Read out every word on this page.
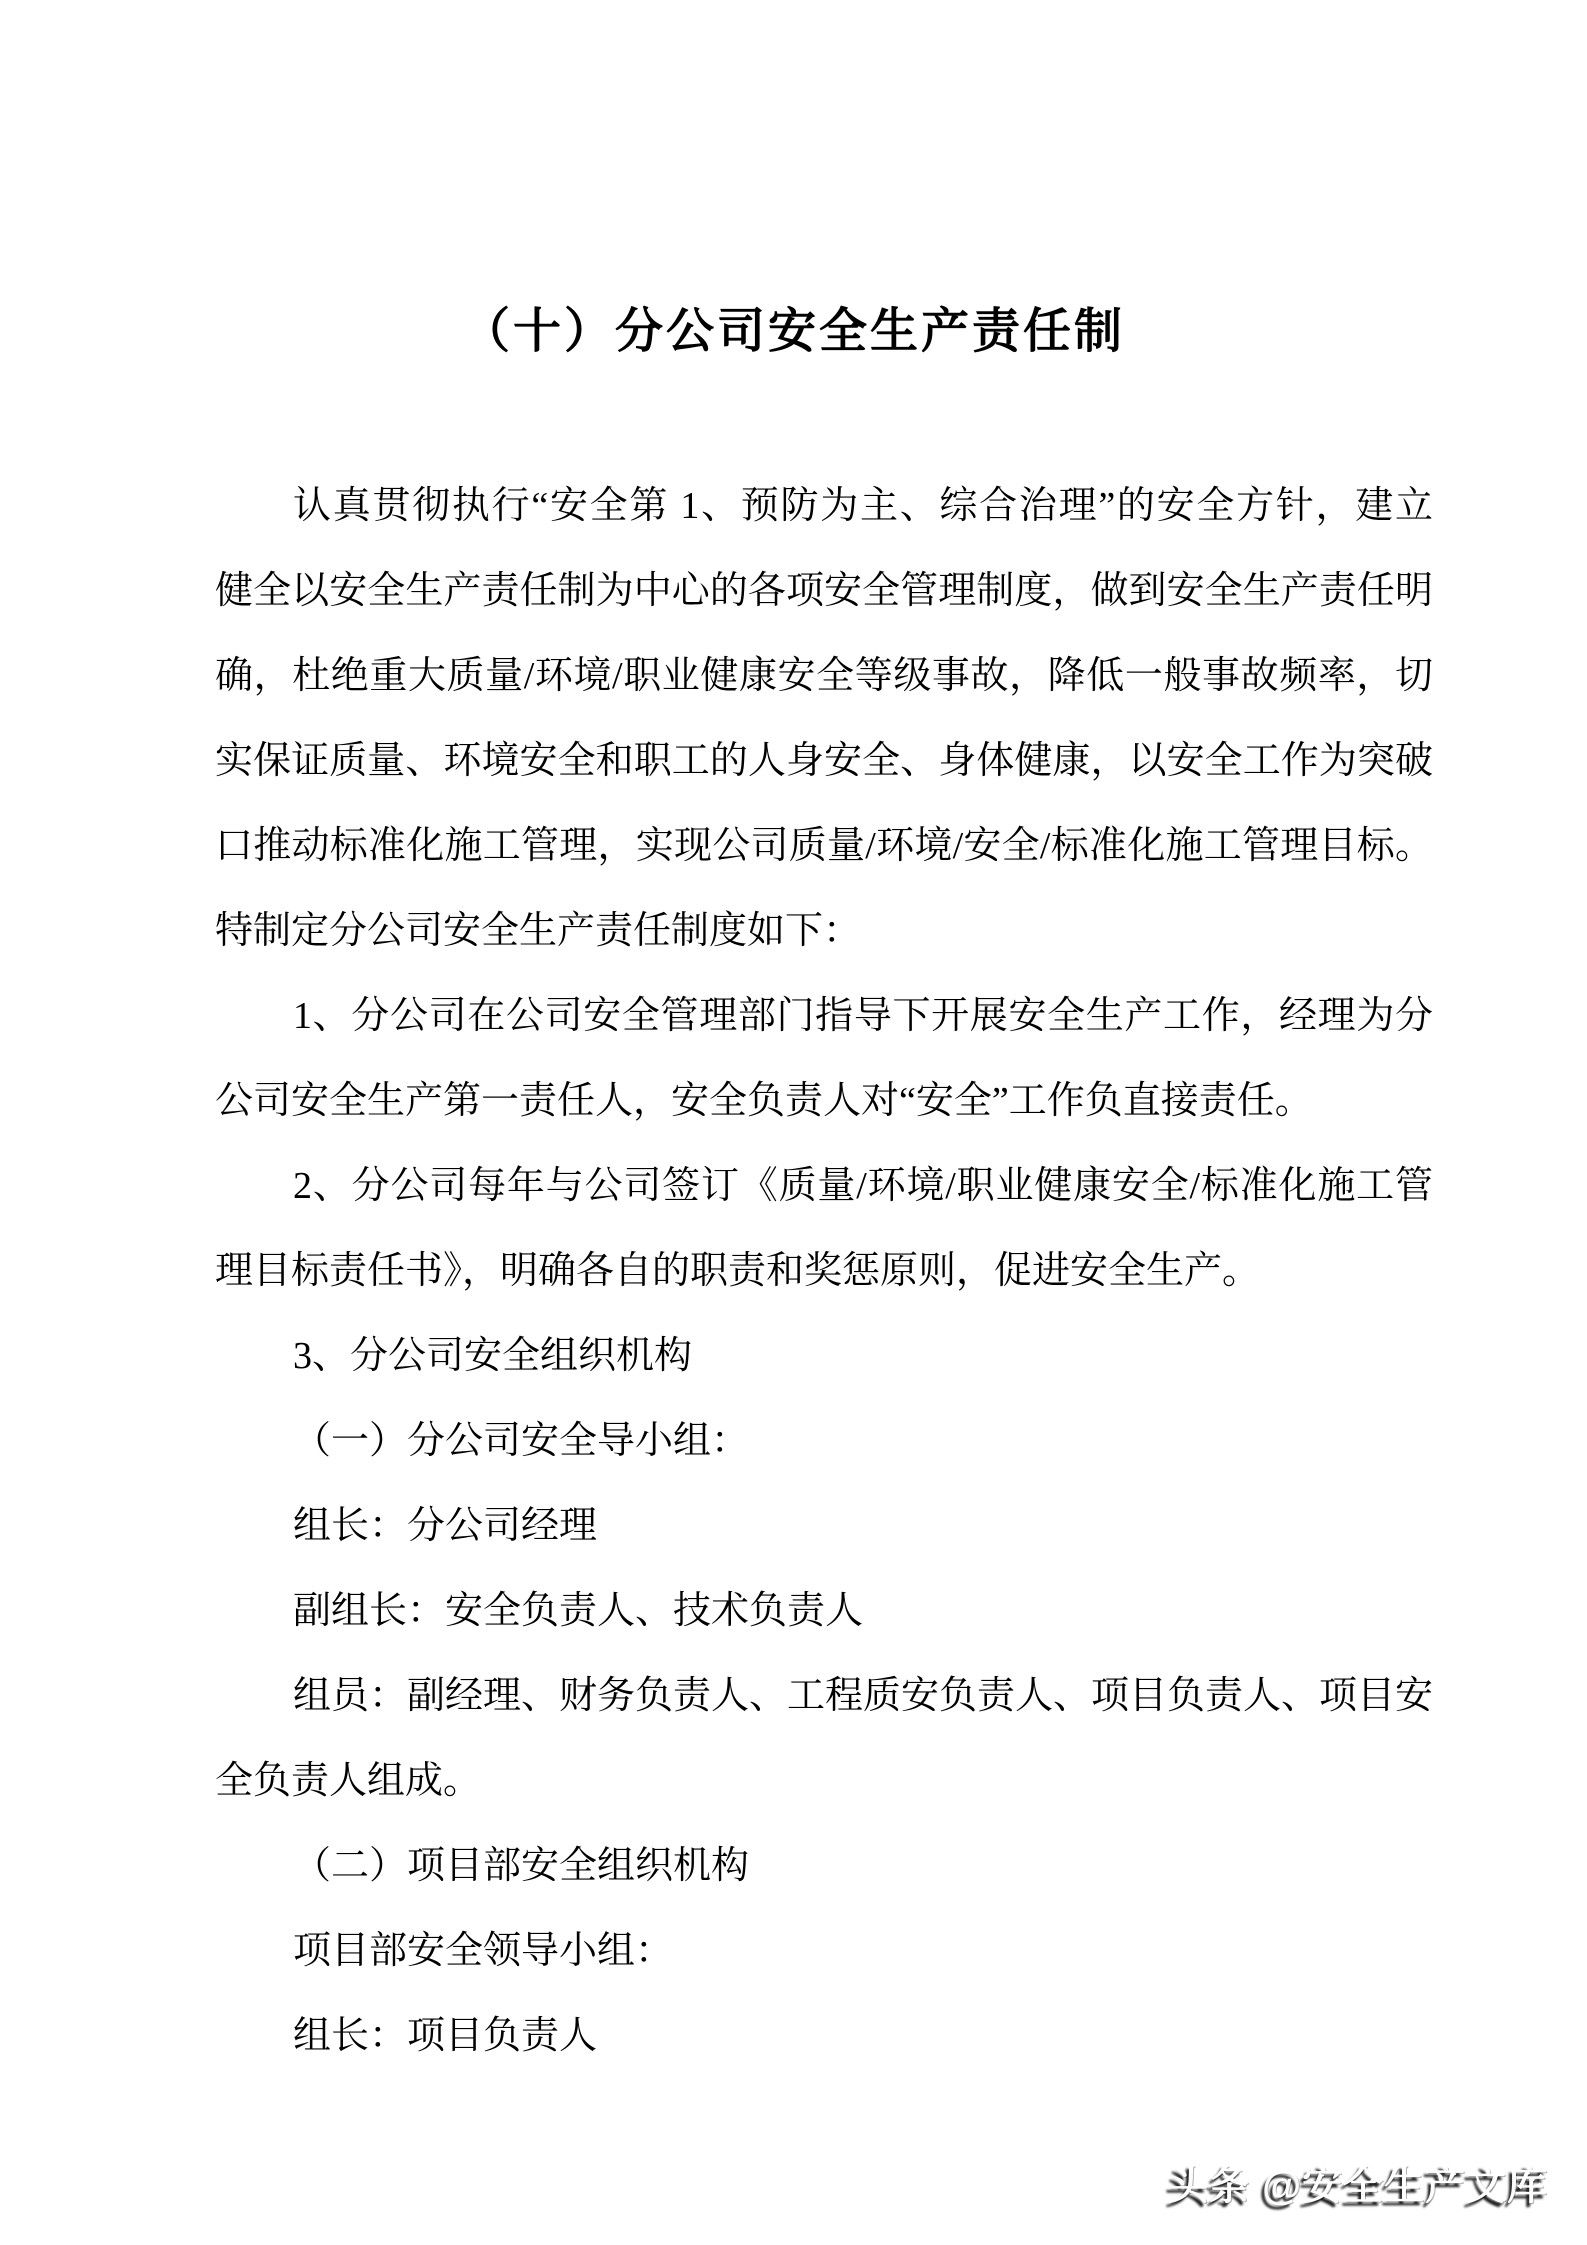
（十）分公司安全生产责任制
认真贯彻执行“安全第 1、预防为主、综合治理”的安全方针，建立
健全以安全生产责任制为中心的各项安全管理制度，做到安全生产责任明
确，杜绝重大质量/环境/职业健康安全等级事故，降低一般事故频率，切
实保证质量、环境安全和职工的人身安全、身体健康，以安全工作为突破
口推动标准化施工管理，实现公司质量/环境/安全/标准化施工管理目标。
特制定分公司安全生产责任制度如下：
1、分公司在公司安全管理部门指导下开展安全生产工作，经理为分
公司安全生产第一责任人，安全负责人对“安全”工作负直接责任。
2、分公司每年与公司签订《质量/环境/职业健康安全/标准化施工管
理目标责任书》，明确各自的职责和奖惩原则，促进安全生产。
3、分公司安全组织机构
（一）分公司安全导小组：
组长：分公司经理
副组长：安全负责人、技术负责人
组员：副经理、财务负责人、工程质安负责人、项目负责人、项目安
全负责人组成。
（二）项目部安全组织机构
项目部安全领导小组：
组长：项目负责人
头条 @安全生产文库
